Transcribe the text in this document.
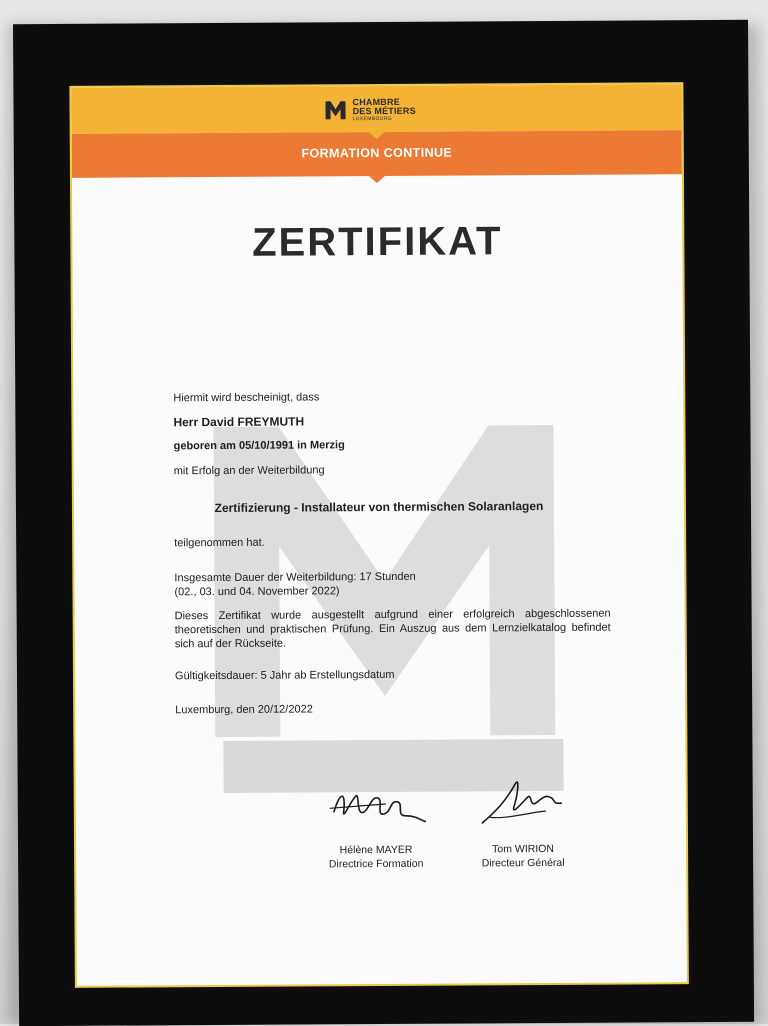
CHAMBRE
DES MÉTIERS
LUXEMBOURG
FORMATION CONTINUE
ZERTIFIKAT
Hiermit wird bescheinigt, dass
Herr David FREYMUTH
geboren am 05/10/1991 in Merzig
mit Erfolg an der Weiterbildung
Zertifizierung - Installateur von thermischen Solaranlagen
teilgenommen hat.
Insgesamte Dauer der Weiterbildung: 17 Stunden
(02., 03. und 04. November 2022)
Dieses Zertifikat wurde ausgestellt aufgrund einer erfolgreich abgeschlossenen theoretischen und praktischen Prüfung. Ein Auszug aus dem Lernzielkatalog befindet sich auf der Rückseite.
Gültigkeitsdauer: 5 Jahr ab Erstellungsdatum
Luxemburg, den 20/12/2022
Hélène MAYER
Directrice Formation
Tom WIRION
Directeur Général
